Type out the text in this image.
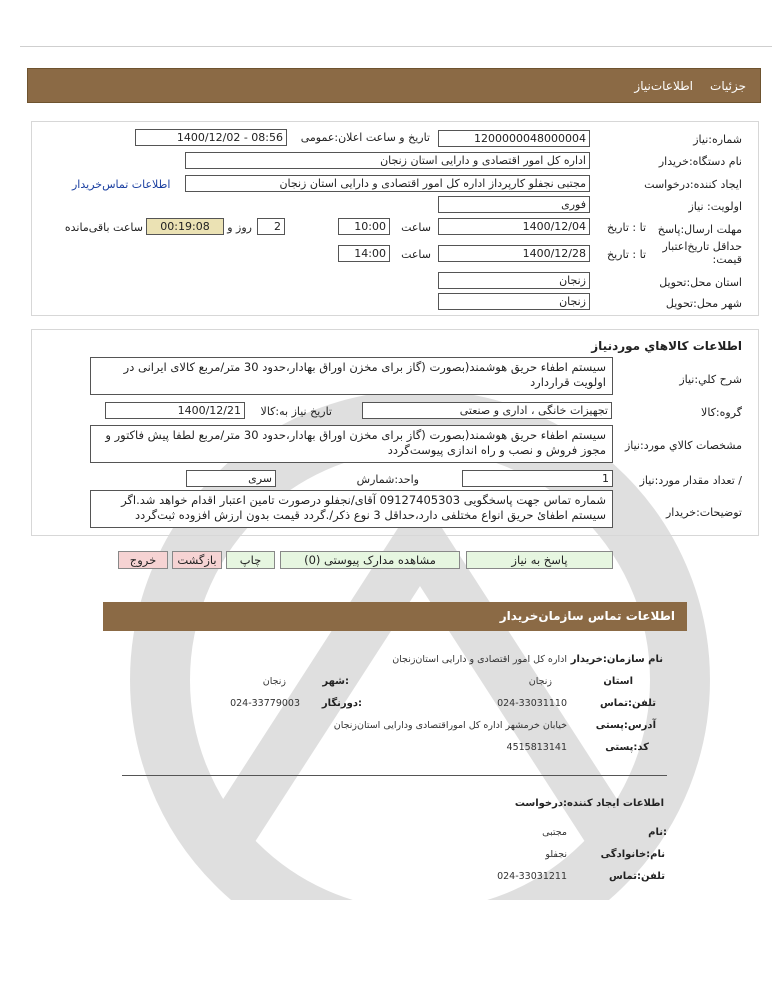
جزئیات
اطلاعات‌نیاز
شماره:نیاز
1200000048000004
تاریخ و ساعت اعلان:عمومی
1400/12/02 - 08:56
نام دستگاه:خریدار
اداره کل امور اقتصادی و دارایی استان زنجان
ایجاد کننده:درخواست
مجتبی نجفلو کارپرداز اداره کل امور اقتصادی و دارایی استان زنجان
اطلاعات تماس‌خریدار
اولویت: نیاز
فوری
مهلت ارسال:پاسخ
تا : تاریخ
1400/12/04
ساعت
10:00
2
روز و
00:19:08
ساعت باقی‌مانده
حداقل تاریخ‌اعتبار قیمت:
تا : تاریخ
1400/12/28
ساعت
14:00
استان محل:تحویل
زنجان
شهر محل:تحویل
زنجان
اطلاعات کالاهاي موردنياز
شرح کلي:نياز
سیستم اطفاء حریق هوشمند(بصورت (گاز برای مخزن اوراق بهادار،حدود 30 متر/مربع کالای ایرانی در اولویت قراردارد
گروه:کالا
تجهیزات خانگی ، اداری و صنعتی
تاریخ نیاز به:کالا
1400/12/21
مشخصات کالاي مورد:نياز
سیستم اطفاء حریق هوشمند(بصورت (گاز برای مخزن اوراق بهادار،حدود 30 متر/مربع لطفا پیش فاکتور و مجوز فروش و نصب و راه اندازی پیوست‌گردد
/ تعداد مقدار مورد:نياز
1
واحد:شمارش
سری
توضيحات:خريدار
شماره تماس جهت پاسخگویی 09127405303 آقای/نجفلو درصورت تامین اعتبار اقدام خواهد شد.اگر سیستم اطفائ حریق انواع مختلفی دارد،حداقل 3 نوع ذکر/.گردد قیمت بدون ارزش افزوده ثبت‌گردد
پاسخ به نیاز
مشاهده مدارک پیوستی (0)
چاپ
بازگشت
خروج
اطلاعات تماس سازمان‌خریدار
نام سازمان:خریدار
اداره کل امور اقتصادی و دارایی استان‌زنجان
استان
زنجان
:شهر
زنجان
تلفن:تماس
024-33031110
:دورنگار
024-33779003
آدرس:پستی
خیابان خرمشهر اداره کل امور‌اقتصادی ودارایی استان‌زنجان
کد:پستی
4515813141
اطلاعات ایجاد کننده:درخواست
:نام
مجتبی
نام:خانوادگی
نجفلو
تلفن:تماس
024-33031211
